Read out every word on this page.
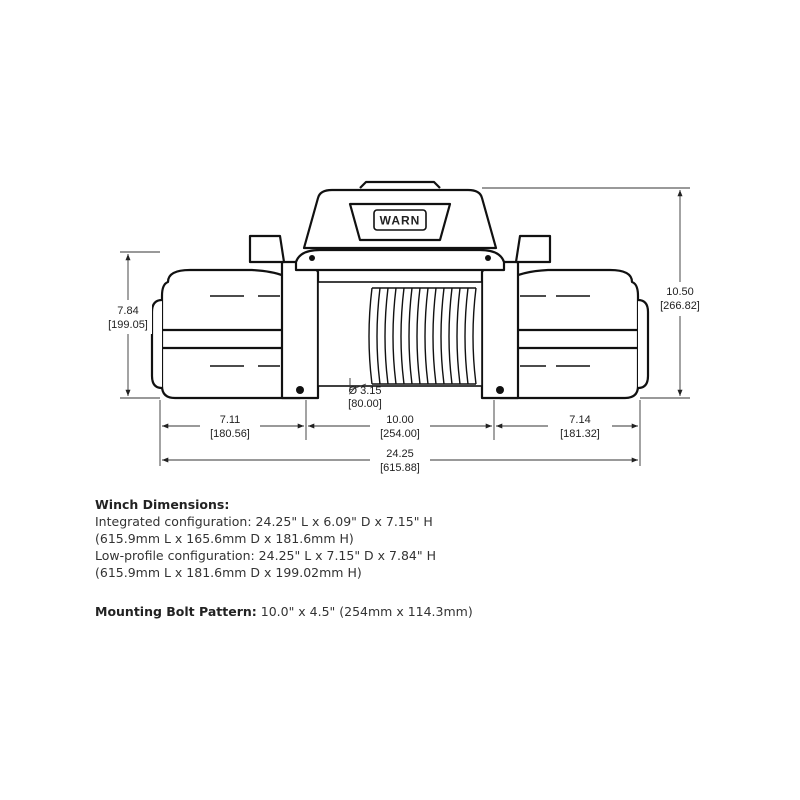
WARN
7.84
[199.05]
10.50
[266.82]
Ø 3.15
[80.00]
7.11
[180.56]
10.00
[254.00]
7.14
[181.32]
24.25
[615.88]
Winch Dimensions:
Integrated configuration: 24.25" L x 6.09" D x 7.15" H
(615.9mm L x 165.6mm D x 181.6mm H)
Low-profile configuration: 24.25" L x 7.15" D x 7.84" H
(615.9mm L x 181.6mm D x 199.02mm H)
Mounting Bolt Pattern: 10.0" x 4.5" (254mm x 114.3mm)
